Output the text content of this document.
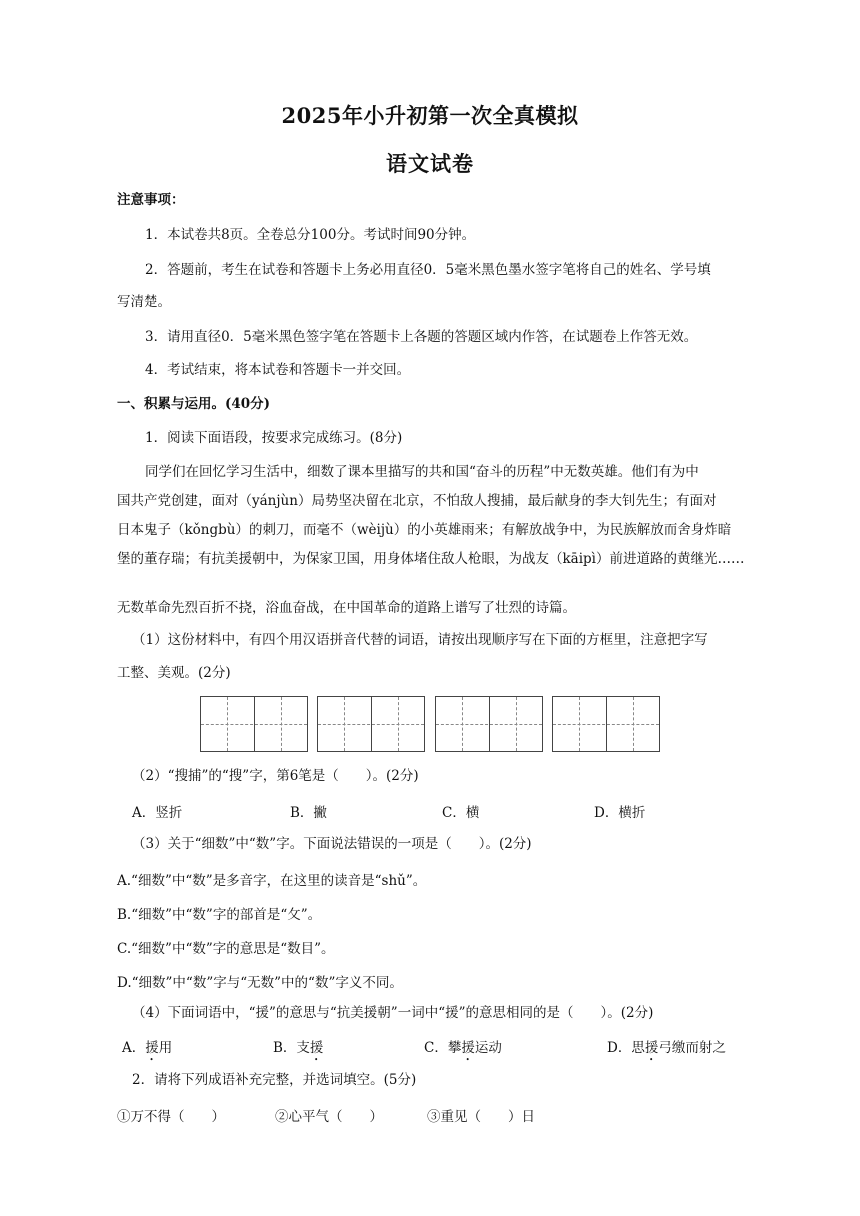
2025年小升初第一次全真模拟
语文试卷
注意事项：
1．本试卷共8页。全卷总分100分。考试时间90分钟。
2．答题前，考生在试卷和答题卡上务必用直径0．5毫米黑色墨水签字笔将自己的姓名、学号填
写清楚。
3．请用直径0．5毫米黑色签字笔在答题卡上各题的答题区域内作答，在试题卷上作答无效。
4．考试结束，将本试卷和答题卡一并交回。
一、积累与运用。(40分)
1．阅读下面语段，按要求完成练习。(8分)
同学们在回忆学习生活中，细数了课本里描写的共和国“奋斗的历程”中无数英雄。他们有为中
国共产党创建，面对（yánjùn）局势坚决留在北京，不怕敌人搜捕，最后献身的李大钊先生；有面对
日本鬼子（kǒngbù）的刺刀，而毫不（wèijù）的小英雄雨来；有解放战争中，为民族解放而舍身炸暗
堡的董存瑞；有抗美援朝中，为保家卫国，用身体堵住敌人枪眼，为战友（kāipì）前进道路的黄继光……
无数革命先烈百折不挠，浴血奋战，在中国革命的道路上谱写了壮烈的诗篇。
（1）这份材料中，有四个用汉语拼音代替的词语，请按出现顺序写在下面的方框里，注意把字写
工整、美观。(2分)
（2）“搜捕”的“搜”字，第6笔是（　　）。(2分)
A．竖折	B．撇	C．横	D．横折
（3）关于“细数”中“数”字。下面说法错误的一项是（　　）。(2分)
A.“细数”中“数”是多音字，在这里的读音是“shǔ”。
B.“细数”中“数”字的部首是“攵”。
C.“细数”中“数”字的意思是“数目”。
D.“细数”中“数”字与“无数”中的“数”字义不同。
（4）下面词语中，“援”的意思与“抗美援朝”一词中“援”的意思相同的是（　　）。(2分)
A．援用	B．支援	C．攀援运动	D．思援弓缴而射之
2．请将下列成语补充完整，并选词填空。(5分)
①万不得（　　）	②心平气（　　）	③重见（　　）日
